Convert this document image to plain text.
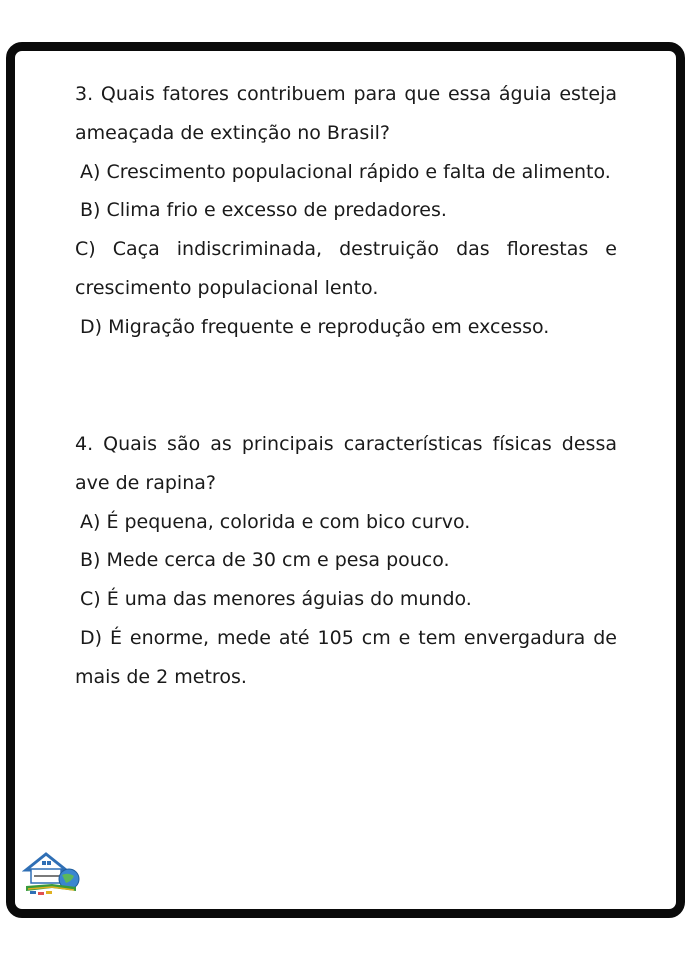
3. Quais fatores contribuem para que essa águia esteja

ameaçada de extinção no Brasil?

A) Crescimento populacional rápido e falta de alimento.

B) Clima frio e excesso de predadores.

C) Caça indiscriminada, destruição das florestas e

crescimento populacional lento.

D) Migração frequente e reprodução em excesso.

4. Quais são as principais características físicas dessa

ave de rapina?

A) É pequena, colorida e com bico curvo.

B) Mede cerca de 30 cm e pesa pouco.

C) É uma das menores águias do mundo.

D) É enorme, mede até 105 cm e tem envergadura de

mais de 2 metros.
